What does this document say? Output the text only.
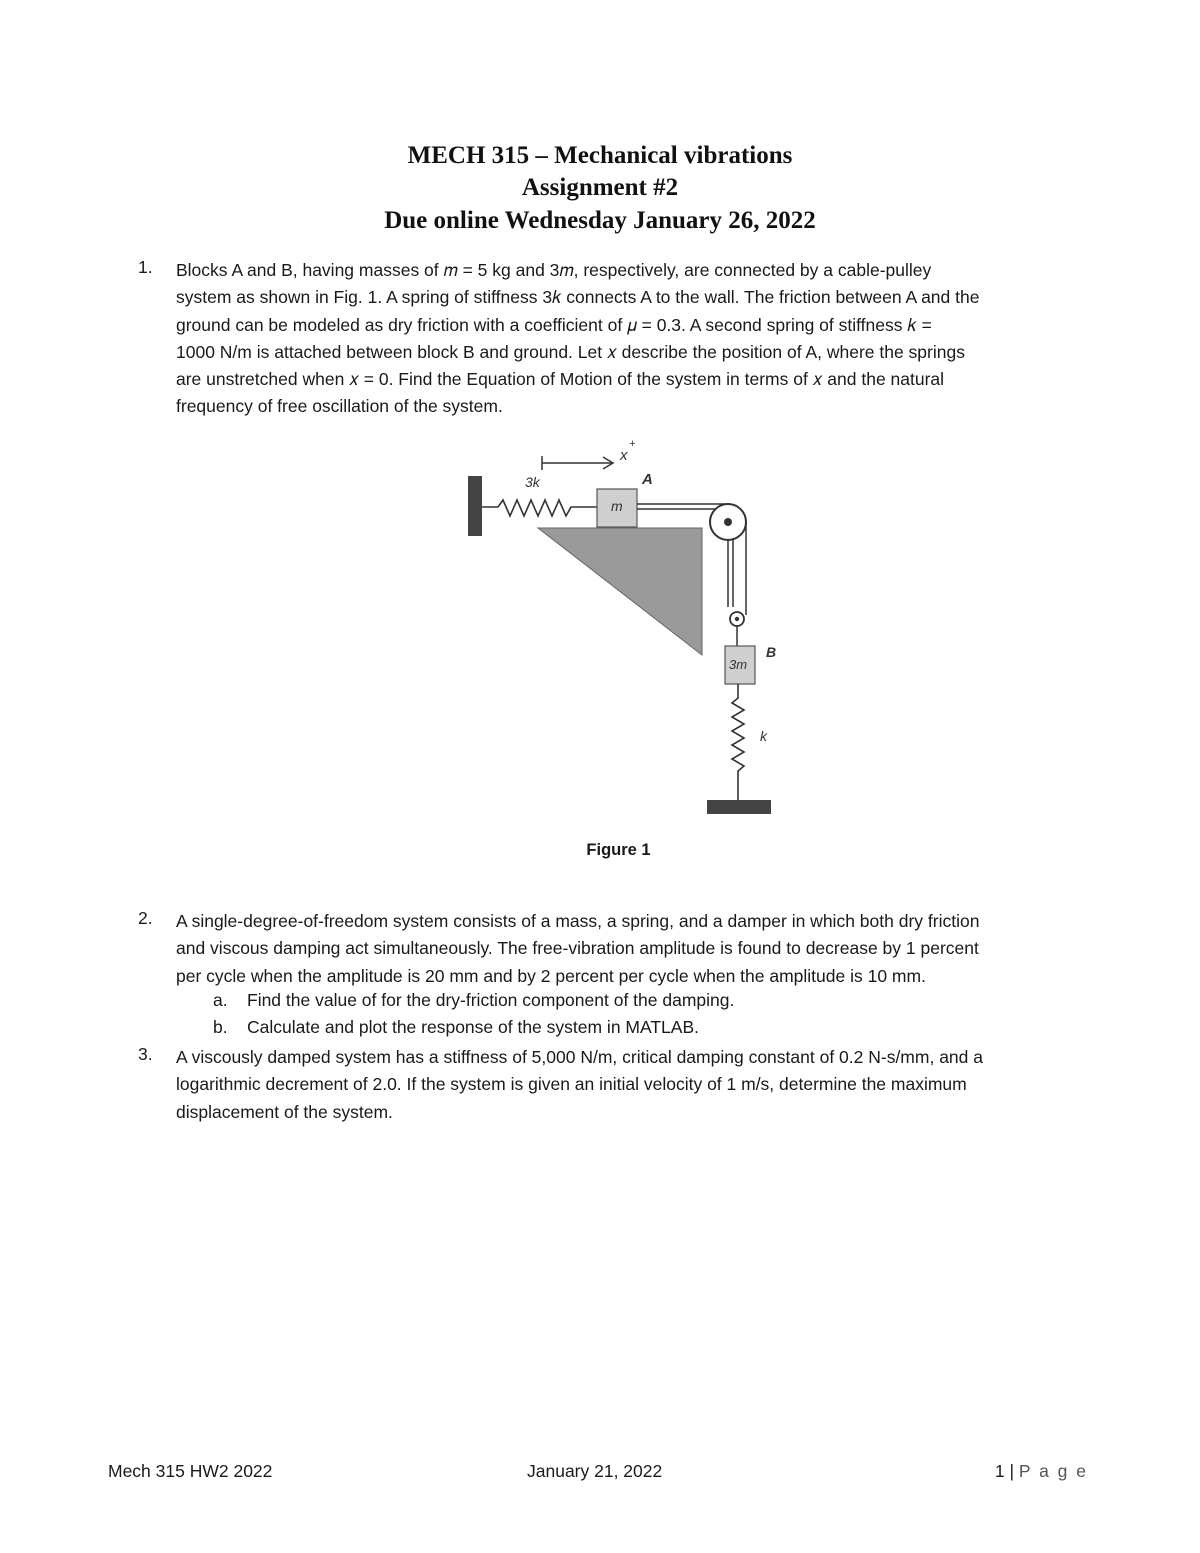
MECH 315 – Mechanical vibrations
Assignment #2
Due online Wednesday January 26, 2022
1. Blocks A and B, having masses of 𝑚 = 5 kg and 3𝑚, respectively, are connected by a cable-pulley
system as shown in Fig. 1. A spring of stiffness 3𝑘 connects A to the wall. The friction between A and the
ground can be modeled as dry friction with a coefficient of 𝜇 = 0.3. A second spring of stiffness 𝑘 =
1000 N/m is attached between block B and ground. Let 𝑥 describe the position of A, where the springs
are unstretched when 𝑥 = 0. Find the Equation of Motion of the system in terms of 𝑥 and the natural
frequency of free oscillation of the system.
3k
x
+
m
A
3m
B
k
Figure 1
2. A single-degree-of-freedom system consists of a mass, a spring, and a damper in which both dry friction
and viscous damping act simultaneously. The free-vibration amplitude is found to decrease by 1 percent
per cycle when the amplitude is 20 mm and by 2 percent per cycle when the amplitude is 10 mm.
a. Find the value of for the dry-friction component of the damping.
b. Calculate and plot the response of the system in MATLAB.
3. A viscously damped system has a stiffness of 5,000 N/m, critical damping constant of 0.2 N-s/mm, and a
logarithmic decrement of 2.0. If the system is given an initial velocity of 1 m/s, determine the maximum
displacement of the system.
Mech 315 HW2 2022	January 21, 2022	1 | P a g e
